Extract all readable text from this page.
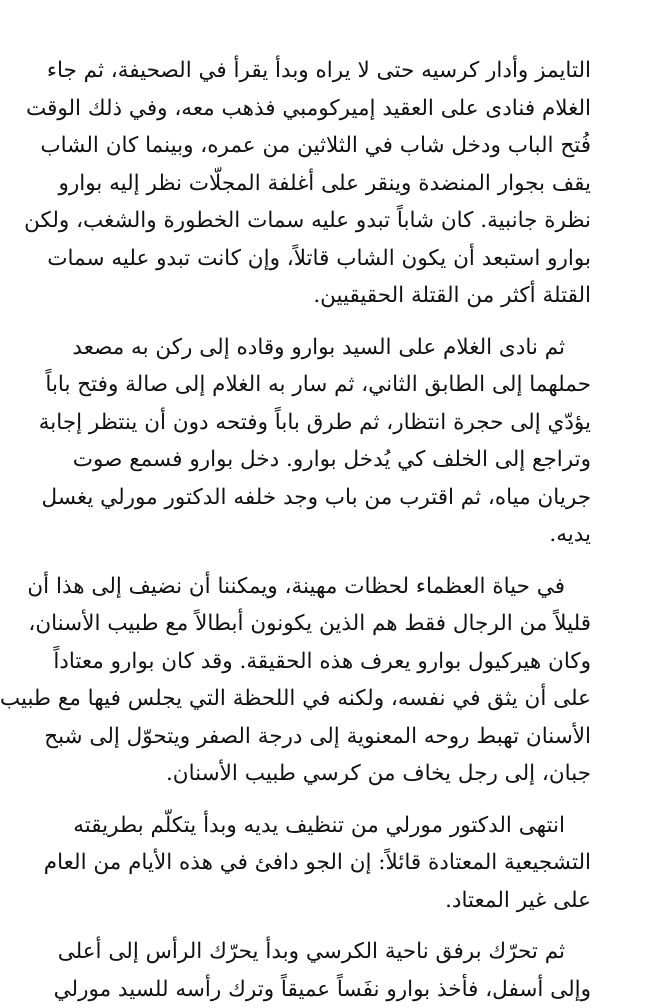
التايمز وأدار كرسيه حتى لا يراه وبدأ يقرأ في الصحيفة، ثم جاء
الغلام فنادى على العقيد إميركومبي فذهب معه، وفي ذلك الوقت
فُتح الباب ودخل شاب في الثلاثين من عمره، وبينما كان الشاب
يقف بجوار المنضدة وينقر على أغلفة المجلّات نظر إليه بوارو
نظرة جانبية. كان شاباً تبدو عليه سمات الخطورة والشغب، ولكن
بوارو استبعد أن يكون الشاب قاتلاً، وإن كانت تبدو عليه سمات
القتلة أكثر من القتلة الحقيقيين.

ثم نادى الغلام على السيد بوارو وقاده إلى ركن به مصعد
حملهما إلى الطابق الثاني، ثم سار به الغلام إلى صالة وفتح باباً
يؤدّي إلى حجرة انتظار، ثم طرق باباً وفتحه دون أن ينتظر إجابة
وتراجع إلى الخلف كي يُدخل بوارو. دخل بوارو فسمع صوت
جريان مياه، ثم اقترب من باب وجد خلفه الدكتور مورلي يغسل
يديه.

في حياة العظماء لحظات مهينة، ويمكننا أن نضيف إلى هذا أن
قليلاً من الرجال فقط هم الذين يكونون أبطالاً مع طبيب الأسنان،
وكان هيركيول بوارو يعرف هذه الحقيقة. وقد كان بوارو معتاداً
على أن يثق في نفسه، ولكنه في اللحظة التي يجلس فيها مع طبيب
الأسنان تهبط روحه المعنوية إلى درجة الصفر ويتحوّل إلى شبح
جبان، إلى رجل يخاف من كرسي طبيب الأسنان.

انتهى الدكتور مورلي من تنظيف يديه وبدأ يتكلّم بطريقته
التشجيعية المعتادة قائلاً: إن الجو دافئ في هذه الأيام من العام
على غير المعتاد.

ثم تحرّك برفق ناحية الكرسي وبدأ يحرّك الرأس إلى أعلى
وإلى أسفل، فأخذ بوارو نفَساً عميقاً وترك رأسه للسيد مورلي
